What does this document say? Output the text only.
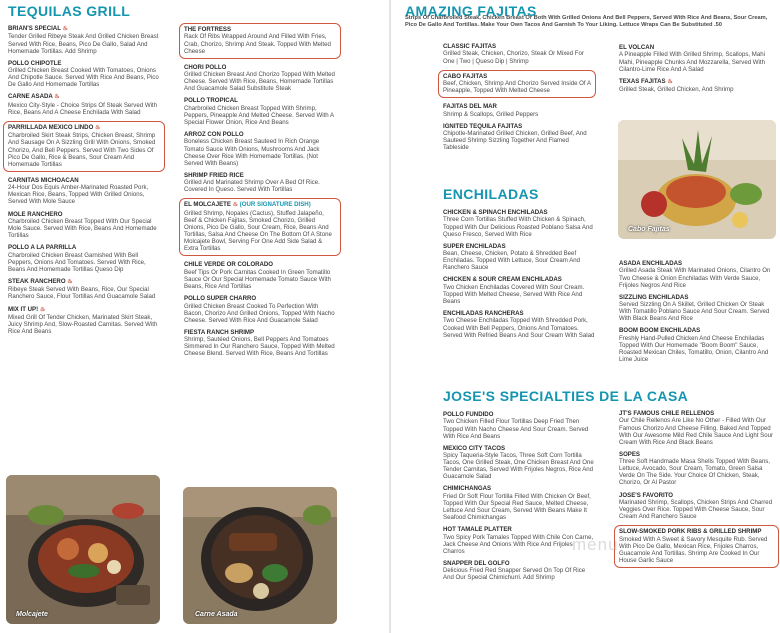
TEQUILAS GRILL
BRIAN'S SPECIAL ♨
Tender Grilled Ribeye Steak And Grilled Chicken Breast Served With Rice, Beans, Pico De Gallo, Salad And Homemade Tortillas. Add Shrimp
POLLO CHIPOTLE
Grilled Chicken Breast Cooked With Tomatoes, Onions And Chipotle Sauce. Served With Rice And Beans, Pico De Gallo And Homemade Tortillas
CARNE ASADA ♨
Mexico City-Style - Choice Strips Of Steak Served With Rice, Beans And A Cheese Enchilada With Salad
PARRILLADA MEXICO LINDO ♨
Charbroiled Skirt Steak Strips, Chicken Breast, Shrimp And Sausage On A Sizzling Grill With Onions, Smoked Chorizo, And Bell Peppers. Served With Two Sides Of Pico De Gallo, Rice & Beans, Sour Cream And Homemade Tortillas
CARNITAS MICHOACAN
24-Hour Dos Equis Amber-Marinated Roasted Pork, Mexican Rice, Beans, Topped With Grilled Onions, Served With Mole Sauce
MOLE RANCHERO
Charbroiled Chicken Breast Topped With Our Special Mole Sauce. Served With Rice, Beans And Homemade Tortillas
POLLO A LA PARRILLA
Charbroiled Chicken Breast Garnished With Bell Peppers, Onions And Tomatoes. Served With Rice, Beans And Homemade Tortillas Queso Dip
STEAK RANCHERO ♨
Ribeye Steak Served With Beans, Rice, Our Special Ranchero Sauce, Flour Tortillas And Guacamole Salad
MIX IT UP! ♨
Mixed Grill Of Tender Chicken, Marinated Skirt Steak, Juicy Shrimp And, Slow-Roasted Carnitas. Served With Rice And Beans
THE FORTRESS
Rack Of Ribs Wrapped Around And Filled With Fries, Crab, Chorizo, Shrimp And Steak. Topped With Melted Cheese
CHORI POLLO
Grilled Chicken Breast And Chorizo Topped With Melted Cheese. Served With Rice, Beans, Homemade Tortillas And Guacamole Salad Substitute Steak
POLLO TROPICAL
Charbroiled Chicken Breast Topped With Shrimp, Peppers, Pineapple And Melted Cheese. Served With A Special Flower Onion, Rice And Beans
ARROZ CON POLLO
Boneless Chicken Breast Sauteed In Rich Orange Tomato Sauce With Onions, Mushrooms And Jack Cheese Over Rice With Homemade Tortillas. (Not Served With Beans)
SHRIMP FRIED RICE
Grilled And Marinated Shrimp Over A Bed Of Rice. Covered In Queso. Served With Tortillas
EL MOLCAJETE ♨ (OUR SIGNATURE DISH)
Grilled Shrimp, Nopales (Cactus), Stuffed Jalapeño, Beef & Chicken Fajitas, Smoked Chorizo, Grilled Onions, Pico De Gallo, Sour Cream, Rice, Beans And Tortillas, Salsa And Cheese On The Bottom Of A Stone Molcajete Bowl, Serving For One Add Side Salad & Extra Tortillas
CHILE VERDE OR COLORADO
Beef Tips Or Pork Carnitas Cooked In Green Tomatillo Sauce Or Our Special Homemade Tomato Sauce With Beans, Rice And Tortillas
POLLO SUPER CHARRO
Grilled Chicken Breast Cooked To Perfection With Bacon, Chorizo And Grilled Onions, Topped With Nacho Cheese. Served With Rice And Guacamole Salad
FIESTA RANCH SHRIMP
Shrimp, Sautéed Onions, Bell Peppers And Tomatoes Simmered In Our Ranchero Sauce, Topped With Melted Cheese Blend. Served With Rice, Beans And Tortillas
Molcajete	Carne Asada
AMAZING FAJITAS
Strips Of Charbroiled Steak, Chicken Breast Or Both With Grilled Onions And Bell Peppers, Served With Rice And Beans, Sour Cream, Pico De Gallo And Tortillas. Make Your Own Tacos And Garnish To Your Liking. Lettuce Wraps Can Be Substituted .50
CLASSIC FAJITAS
Grilled Steak, Chicken, Chorizo, Steak Or Mixed For One | Two | Queso Dip | Shrimp
CABO FAJITAS
Beef, Chicken, Shrimp And Chorizo Served Inside Of A Pineapple, Topped With Melted Cheese
FAJITAS DEL MAR
Shrimp & Scallops, Grilled Peppers
IGNITED TEQUILA FAJITAS
Chipotle-Marinated Grilled Chicken, Grilled Beef, And Sauteed Shrimp Sizzling Together And Flamed Tableside
EL VOLCAN
A Pineapple Filled With Grilled Shrimp, Scallops, Mahi Mahi, Pineapple Chunks And Mozzarella, Served With Cilantro-Lime Rice And A Salad
TEXAS FAJITAS ♨
Grilled Steak, Grilled Chicken, And Shrimp
Cabo Fajitas
ENCHILADAS
CHICKEN & SPINACH ENCHILADAS
Three Corn Tortillas Stuffed With Chicken & Spinach, Topped With Our Delicious Roasted Poblano Salsa And Queso Fresco, Served With Rice
SUPER ENCHILADAS
Bean, Cheese, Chicken, Potato & Shredded Beef Enchiladas. Topped With Lettuce, Sour Cream And Ranchero Sauce
CHICKEN & SOUR CREAM ENCHILADAS
Two Chicken Enchiladas Covered With Sour Cream. Topped With Melted Cheese, Served With Rice And Beans
ENCHILADAS RANCHERAS
Two Cheese Enchiladas Topped With Shredded Pork, Cooked With Bell Peppers, Onions And Tomatoes. Served With Refried Beans And Sour Cream With Salad
ASADA ENCHILADAS
Grilled Asada Steak With Marinated Onions, Cilantro On Two Cheese & Onion Enchiladas With Verde Sauce, Frijoles Negros And Rice
SIZZLING ENCHILADAS
Served Sizzling On A Skillet, Grilled Chicken Or Steak With Tomatillo Poblano Sauce And Sour Cream. Served With Black Beans And Rice
BOOM BOOM ENCHILADAS
Freshly Hand-Pulled Chicken And Cheese Enchiladas Topped With Our Homemade "Boom Boom" Sauce, Roasted Mexican Chiles, Tomatillo, Onion, Cilantro And Lime Juice
JOSE'S SPECIALTIES DE LA CASA
POLLO FUNDIDO
Two Chicken Filled Flour Tortillas Deep Fried Then Topped With Nacho Cheese And Sour Cream. Served With Rice And Beans
MEXICO CITY TACOS
Spicy Taqueria-Style Tacos, Three Soft Corn Tortilla Tacos, One Grilled Steak, One Chicken Breast And One Tender Carnitas, Served With Frijoles Negros, Rice And Guacamole Salad
CHIMICHANGAS
Fried Or Soft Flour Tortilla Filled With Chicken Or Beef, Topped With Our Special Red Sauce, Melted Cheese, Lettuce And Sour Cream, Served With Beans Make It Seafood Chimichangas
HOT TAMALE PLATTER
Two Spicy Pork Tamales Topped With Chile Con Carne, Jack Cheese And Onions With Rice And Frijoles Charros
SNAPPER DEL GOLFO
Delicious Fried Red Snapper Served On Top Of Rice And Our Special Chimichurri. Add Shrimp
JT'S FAMOUS CHILE RELLENOS
Our Chile Rellenos Are Like No Other - Filled With Our Famous Chorizo And Cheese Filling. Baked And Topped With Our Awesome Mild Red Chile Sauce And Light Sour Cream With Rice And Black Beans
SOPES
Three Soft Handmade Masa Shells Topped With Beans, Lettuce, Avocado, Sour Cream, Tomato, Green Salsa Verde On The Side. Your Choice Of Chicken, Steak, Chorizo, Or Al Pastor
JOSE'S FAVORITO
Marinated Shrimp, Scallops, Chicken Strips And Charred Veggies Over Rice. Topped With Cheese Sauce, Sour Cream And Ranchero Sauce
SLOW-SMOKED PORK RIBS & GRILLED SHRIMP
Smoked With A Sweet & Savory Mesquite Rub. Served With Pico De Gallo, Mexican Rice, Frijoles Charros, Guacamole And Tortillas. Shrimp Are Cooked In Our House Garlic Sauce
menu
